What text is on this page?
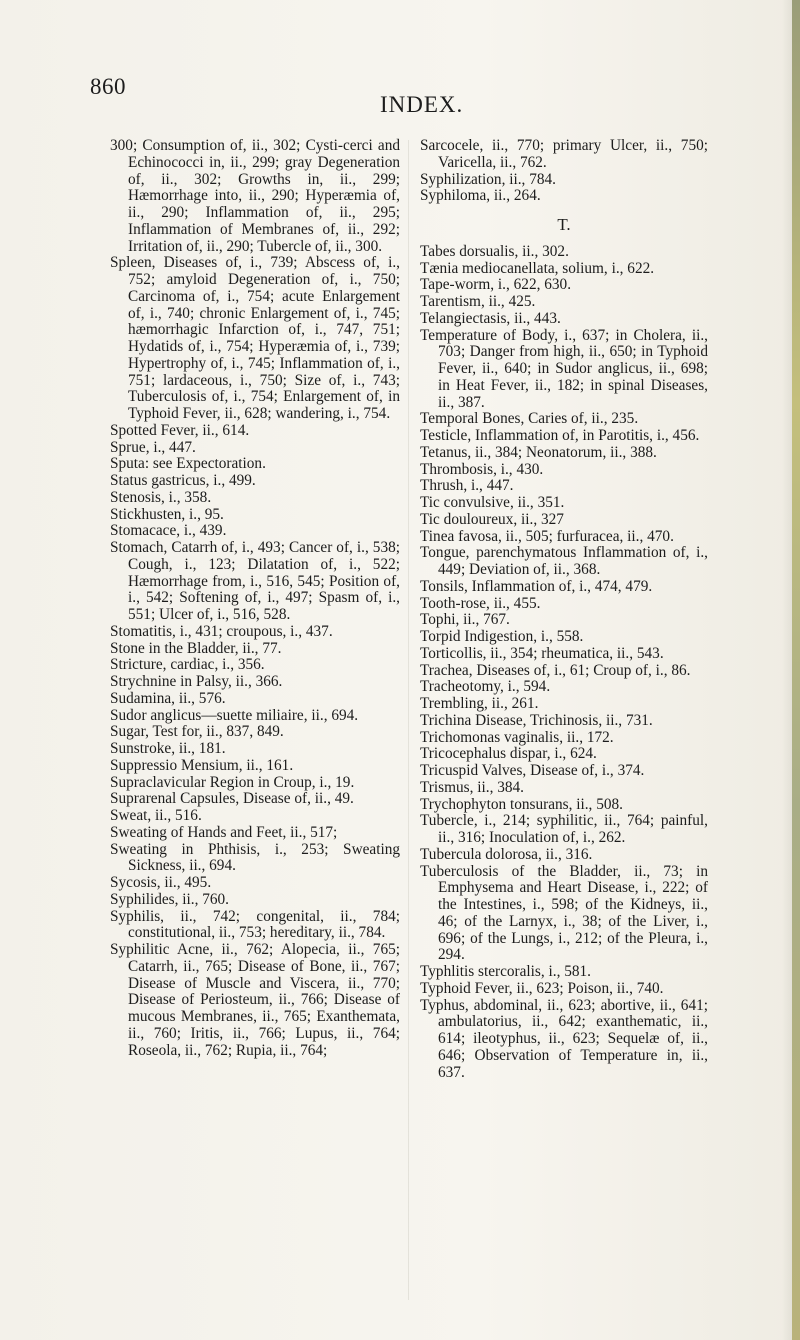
860
INDEX.

300; Consumption of, ii., 302; Cysti-cerci and Echinococci in, ii., 299; gray Degeneration of, ii., 302; Growths in, ii., 299; Hæmorrhage into, ii., 290; Hyperæmia of, ii., 290; Inflammation of, ii., 295; Inflammation of Membranes of, ii., 292; Irritation of, ii., 290; Tubercle of, ii., 300.

Spleen, Diseases of, i., 739; Abscess of, i., 752; amyloid Degeneration of, i., 750; Carcinoma of, i., 754; acute Enlargement of, i., 740; chronic Enlargement of, i., 745; hæmorrhagic Infarction of, i., 747, 751; Hydatids of, i., 754; Hyperæmia of, i., 739; Hypertrophy of, i., 745; Inflammation of, i., 751; lardaceous, i., 750; Size of, i., 743; Tuberculosis of, i., 754; Enlargement of, in Typhoid Fever, ii., 628; wandering, i., 754.

Spotted Fever, ii., 614.

Sprue, i., 447.

Sputa: see Expectoration.

Status gastricus, i., 499.

Stenosis, i., 358.

Stickhusten, i., 95.

Stomacace, i., 439.

Stomach, Catarrh of, i., 493; Cancer of, i., 538; Cough, i., 123; Dilatation of, i., 522; Hæmorrhage from, i., 516, 545; Position of, i., 542; Softening of, i., 497; Spasm of, i., 551; Ulcer of, i., 516, 528.

Stomatitis, i., 431; croupous, i., 437.

Stone in the Bladder, ii., 77.

Stricture, cardiac, i., 356.

Strychnine in Palsy, ii., 366.

Sudamina, ii., 576.

Sudor anglicus—suette miliaire, ii., 694.

Sugar, Test for, ii., 837, 849.

Sunstroke, ii., 181.

Suppressio Mensium, ii., 161.

Supraclavicular Region in Croup, i., 19.

Suprarenal Capsules, Disease of, ii., 49.

Sweat, ii., 516.

Sweating of Hands and Feet, ii., 517;

Sweating in Phthisis, i., 253; Sweating Sickness, ii., 694.

Sycosis, ii., 495.

Syphilides, ii., 760.

Syphilis, ii., 742; congenital, ii., 784; constitutional, ii., 753; hereditary, ii., 784.

Syphilitic Acne, ii., 762; Alopecia, ii., 765; Catarrh, ii., 765; Disease of Bone, ii., 767; Disease of Muscle and Viscera, ii., 770; Disease of Periosteum, ii., 766; Disease of mucous Membranes, ii., 765; Exanthemata, ii., 760; Iritis, ii., 766; Lupus, ii., 764; Roseola, ii., 762; Rupia, ii., 764;

Sarcocele, ii., 770; primary Ulcer, ii., 750; Varicella, ii., 762.

Syphilization, ii., 784.

Syphiloma, ii., 264.

T.

Tabes dorsualis, ii., 302.

Tænia mediocanellata, solium, i., 622.

Tape-worm, i., 622, 630.

Tarentism, ii., 425.

Telangiectasis, ii., 443.

Temperature of Body, i., 637; in Cholera, ii., 703; Danger from high, ii., 650; in Typhoid Fever, ii., 640; in Sudor anglicus, ii., 698; in Heat Fever, ii., 182; in spinal Diseases, ii., 387.

Temporal Bones, Caries of, ii., 235.

Testicle, Inflammation of, in Parotitis, i., 456.

Tetanus, ii., 384; Neonatorum, ii., 388.

Thrombosis, i., 430.

Thrush, i., 447.

Tic convulsive, ii., 351.

Tic douloureux, ii., 327

Tinea favosa, ii., 505; furfuracea, ii., 470.

Tongue, parenchymatous Inflammation of, i., 449; Deviation of, ii., 368.

Tonsils, Inflammation of, i., 474, 479.

Tooth-rose, ii., 455.

Tophi, ii., 767.

Torpid Indigestion, i., 558.

Torticollis, ii., 354; rheumatica, ii., 543.

Trachea, Diseases of, i., 61; Croup of, i., 86.

Tracheotomy, i., 594.

Trembling, ii., 261.

Trichina Disease, Trichinosis, ii., 731.

Trichomonas vaginalis, ii., 172.

Tricocephalus dispar, i., 624.

Tricuspid Valves, Disease of, i., 374.

Trismus, ii., 384.

Trychophyton tonsurans, ii., 508.

Tubercle, i., 214; syphilitic, ii., 764; painful, ii., 316; Inoculation of, i., 262.

Tubercula dolorosa, ii., 316.

Tuberculosis of the Bladder, ii., 73; in Emphysema and Heart Disease, i., 222; of the Intestines, i., 598; of the Kidneys, ii., 46; of the Larnyx, i., 38; of the Liver, i., 696; of the Lungs, i., 212; of the Pleura, i., 294.

Typhlitis stercoralis, i., 581.

Typhoid Fever, ii., 623; Poison, ii., 740.

Typhus, abdominal, ii., 623; abortive, ii., 641; ambulatorius, ii., 642; exanthematic, ii., 614; ileotyphus, ii., 623; Sequelæ of, ii., 646; Observation of Temperature in, ii., 637.
